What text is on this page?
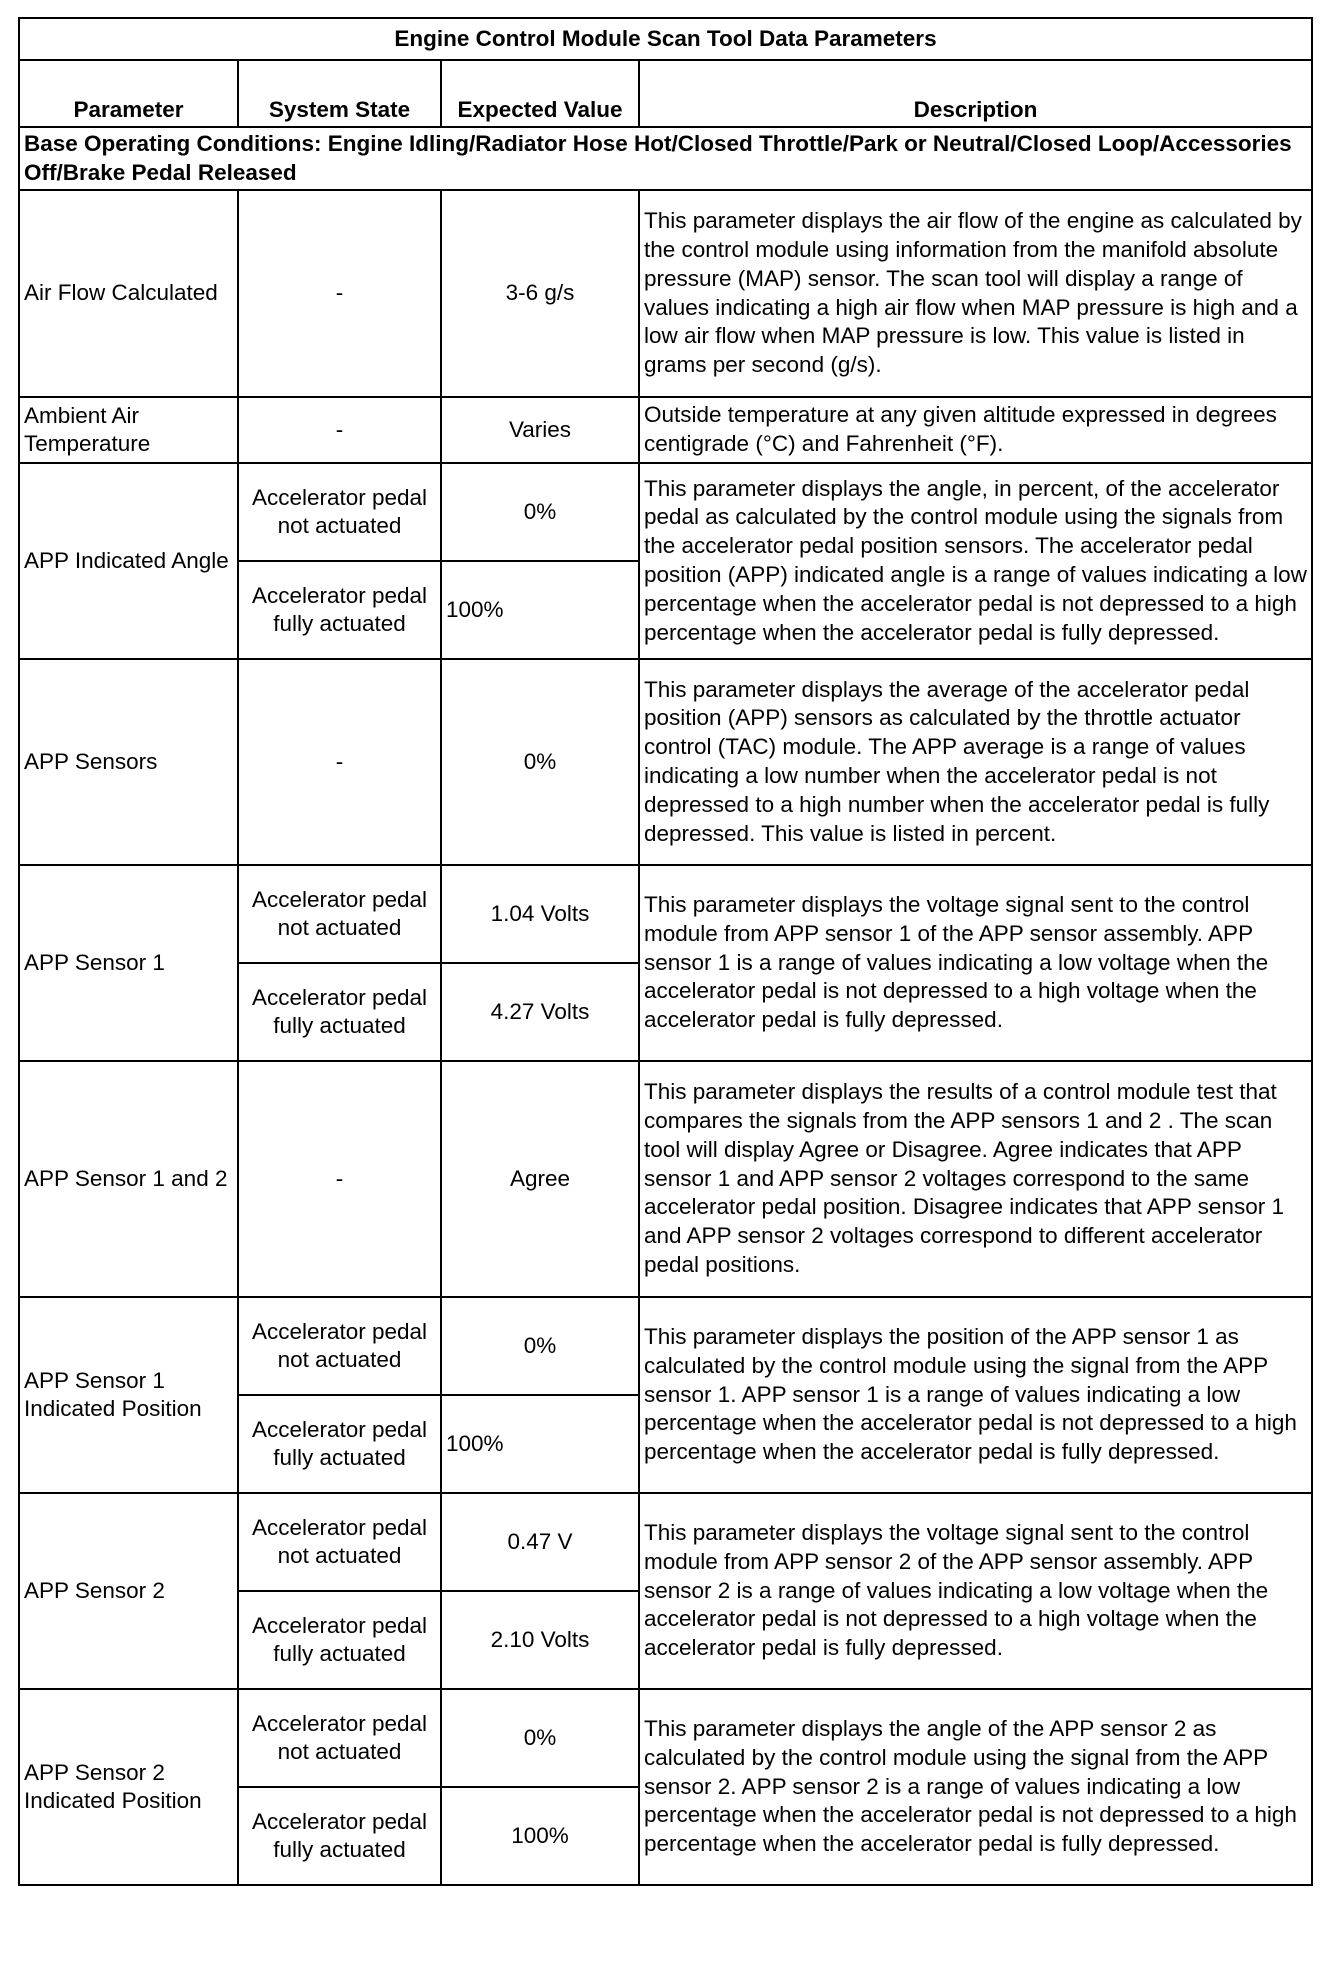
Engine Control Module Scan Tool Data Parameters			
Parameter	System State	Expected Value	Description
Base Operating Conditions: Engine Idling/Radiator Hose Hot/Closed Throttle/Park or Neutral/Closed Loop/Accessories Off/Brake Pedal Released			
Air Flow Calculated	-	3-6 g/s	This parameter displays the air flow of the engine as calculated by the control module using information from the manifold absolute pressure (MAP) sensor. The scan tool will display a range of values indicating a high air flow when MAP pressure is high and a low air flow when MAP pressure is low. This value is listed in grams per second (g/s).
Ambient Air Temperature	-	Varies	Outside temperature at any given altitude expressed in degrees centigrade (°C) and Fahrenheit (°F).
APP Indicated Angle	Accelerator pedal not actuated	0%	This parameter displays the angle, in percent, of the accelerator pedal as calculated by the control module using the signals from the accelerator pedal position sensors. The accelerator pedal position (APP) indicated angle is a range of values indicating a low percentage when the accelerator pedal is not depressed to a high percentage when the accelerator pedal is fully depressed.
	Accelerator pedal fully actuated	100%	
APP Sensors	-	0%	This parameter displays the average of the accelerator pedal position (APP) sensors as calculated by the throttle actuator control (TAC) module. The APP average is a range of values indicating a low number when the accelerator pedal is not depressed to a high number when the accelerator pedal is fully depressed. This value is listed in percent.
APP Sensor 1	Accelerator pedal not actuated	1.04 Volts	This parameter displays the voltage signal sent to the control module from APP sensor 1 of the APP sensor assembly. APP sensor 1 is a range of values indicating a low voltage when the accelerator pedal is not depressed to a high voltage when the accelerator pedal is fully depressed.
	Accelerator pedal fully actuated	4.27 Volts	
APP Sensor 1 and 2	-	Agree	This parameter displays the results of a control module test that compares the signals from the APP sensors 1 and 2 . The scan tool will display Agree or Disagree. Agree indicates that APP sensor 1 and APP sensor 2 voltages correspond to the same accelerator pedal position. Disagree indicates that APP sensor 1 and APP sensor 2 voltages correspond to different accelerator pedal positions.
APP Sensor 1 Indicated Position	Accelerator pedal not actuated	0%	This parameter displays the position of the APP sensor 1 as calculated by the control module using the signal from the APP sensor 1. APP sensor 1 is a range of values indicating a low percentage when the accelerator pedal is not depressed to a high percentage when the accelerator pedal is fully depressed.
	Accelerator pedal fully actuated	100%	
APP Sensor 2	Accelerator pedal not actuated	0.47 V	This parameter displays the voltage signal sent to the control module from APP sensor 2 of the APP sensor assembly. APP sensor 2 is a range of values indicating a low voltage when the accelerator pedal is not depressed to a high voltage when the accelerator pedal is fully depressed.
	Accelerator pedal fully actuated	2.10 Volts	
APP Sensor 2 Indicated Position	Accelerator pedal not actuated	0%	This parameter displays the angle of the APP sensor 2 as calculated by the control module using the signal from the APP sensor 2. APP sensor 2 is a range of values indicating a low percentage when the accelerator pedal is not depressed to a high percentage when the accelerator pedal is fully depressed.
	Accelerator pedal fully actuated	100%	
